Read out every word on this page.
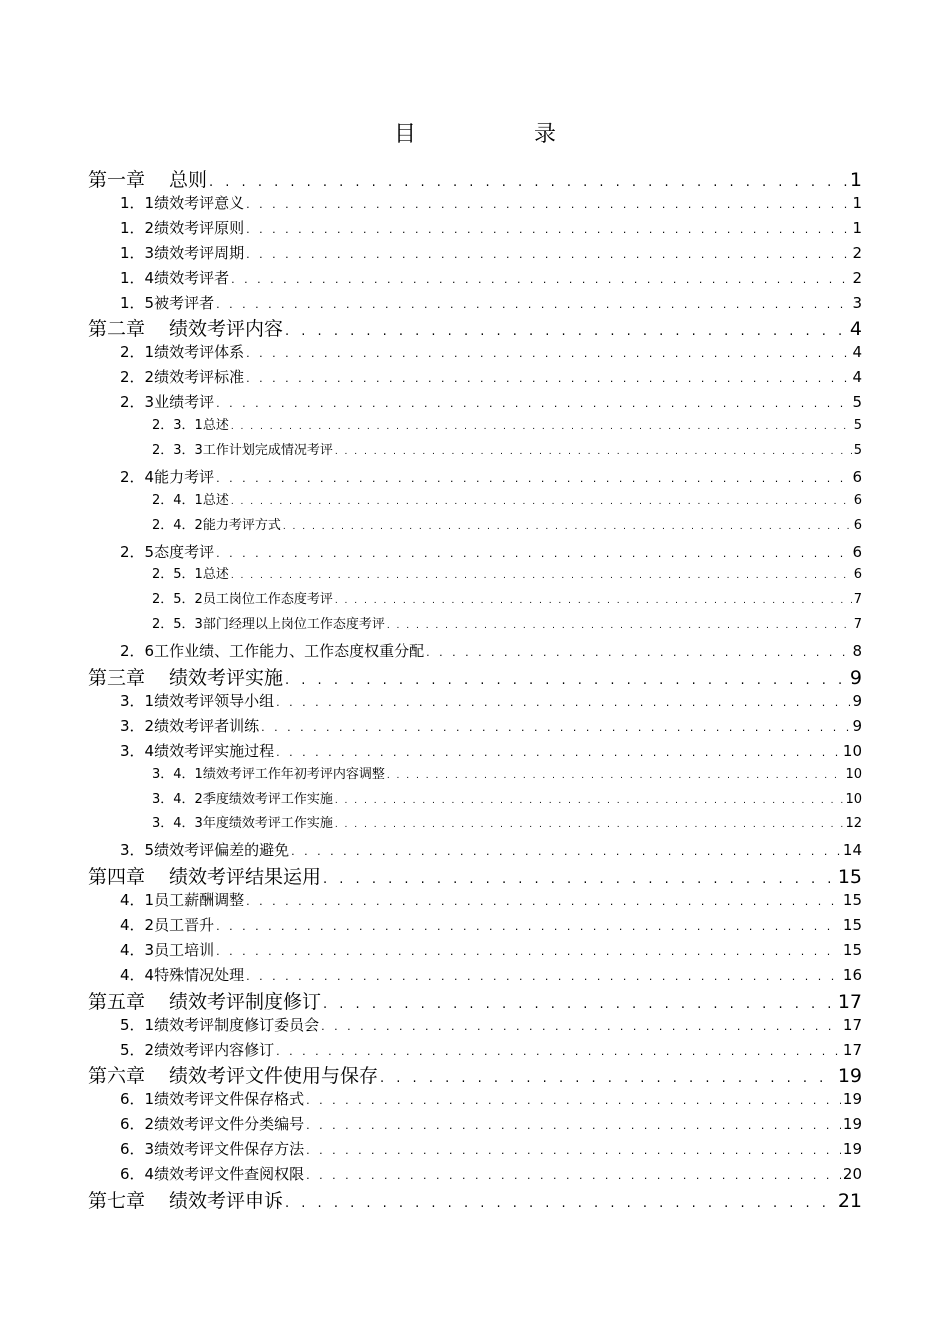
目　录
第一章 总则 . . .	1
1．1绩效考评意义 . . .	1
1．2绩效考评原则 . . .	1
1．3绩效考评周期 . . .	2
1．4绩效考评者 . . .	2
1．5被考评者 . . .	3
第二章 绩效考评内容 . . .	4
2．1绩效考评体系 . . .	4
2．2绩效考评标准 . . .	4
2．3业绩考评 . . .	5
2．3．1总述 . . .	5
2．3．3工作计划完成情况考评 . . .	5
2．4能力考评 . . .	6
2．4．1总述 . . .	6
2．4．2能力考评方式 . . .	6
2．5态度考评 . . .	6
2．5．1总述 . . .	6
2．5．2员工岗位工作态度考评 . . .	7
2．5．3部门经理以上岗位工作态度考评 . . .	7
2．6工作业绩、工作能力、工作态度权重分配 . . .	8
第三章 绩效考评实施 . . .	9
3．1绩效考评领导小组 . . .	9
3．2绩效考评者训练 . . .	9
3．4绩效考评实施过程 . . .	10
3．4．1绩效考评工作年初考评内容调整 . . .	10
3．4．2季度绩效考评工作实施 . . .	10
3．4．3年度绩效考评工作实施 . . .	12
3．5绩效考评偏差的避免 . . .	14
第四章 绩效考评结果运用 . . .	15
4．1员工薪酬调整 . . .	15
4．2员工晋升 . . .	15
4．3员工培训 . . .	15
4．4特殊情况处理 . . .	16
第五章 绩效考评制度修订 . . .	17
5．1绩效考评制度修订委员会 . . .	17
5．2绩效考评内容修订 . . .	17
第六章 绩效考评文件使用与保存 . . .	19
6．1绩效考评文件保存格式 . . .	19
6．2绩效考评文件分类编号 . . .	19
6．3绩效考评文件保存方法 . . .	19
6．4绩效考评文件查阅权限 . . .	20
第七章 绩效考评申诉 . . .	21
